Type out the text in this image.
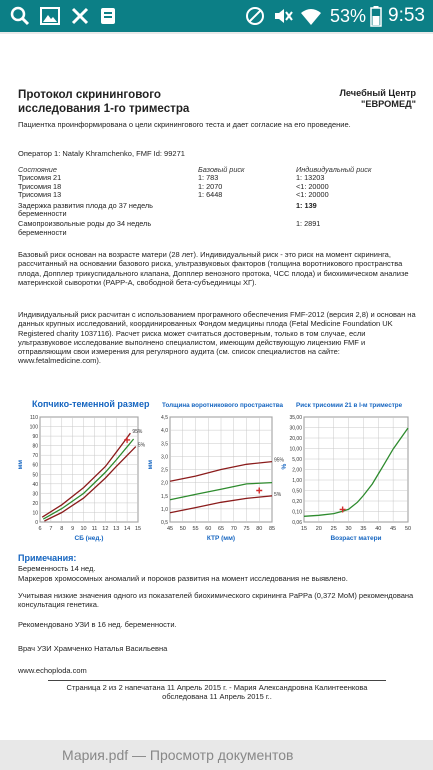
53% 9:53
Протокол скринингового
исследования 1-го триместра
Лечебный Центр
"ЕВРОМЕД"
Пациентка проинформирована о цели скринингового теста и дает согласие на его проведение.
Оператор 1: Nataly Khramchenko, FMF Id: 99271
Состояние	Базовый риск	Индивидуальный риск
Трисомия 21	1: 783	1: 13203
Трисомия 18	1: 2070	<1: 20000
Трисомия 13	1: 6448	<1: 20000
Задержка развития плода до 37 недель беременности		1: 139
Самопроизвольные роды до 34 недель беременности		1: 2891
Базовый риск основан на возрасте матери (28 лет). Индивидуальный риск - это риск на момент скрининга, рассчитанный на основании базового риска, ультразвуковых факторов (толщина воротникового пространства плода, Допплер трикуспидального клапана, Допплер венозного протока, ЧСС плода) и биохимическом анализе материнской сыворотки (PAPP-A, свободной бета-субъединицы ХГ).
Индивидуальный риск расчитан с использованием програмного обеспечения FMF-2012 (версия 2,8) и основан на данных крупных исследований, координированных Фондом медицины плода (Fetal Medicine Foundation UK Registered charity 1037116). Расчет риска может считаться достоверным, только в том случае, если ультразвуковое исследование выполнено специалистом, имеющим действующую лицензию FMF и отправляющим свои измерения для регулярного аудита (см. список специалистов на сайте: www.fetalmedicine.com).
Копчико-теменной размер
6 7 8 9 10 11 12 13 14 15
0
10
20
30
40
50
60
70
80
90
100
110
СБ (нед.)
мм
95%
5%
Толщина воротникового пространства
45 50 55 60 65 70 75 80 85
0,5
1,0
1,5
2,0
2,5
3,0
3,5
4,0
4,5
КТР (мм)
мм	95%
5%
Риск трисомии 21 в I-м триместре
15 20 25 30 35 40 45 50
0,06
0,10
0,20
0,50
1,00
2,00
5,00
10,00
20,00
30,00
35,00
Возраст матери
%
Примечания:
Беременность 14 нед.
Маркеров хромосомных аномалий и пороков развития на момент исследования не выявлено.
Учитывая низкие значения одного из показателей биохимического скрининга PaPPa (0,372 МоМ) рекомендована консультация генетика.
Рекомендовано УЗИ в 16 нед. беременности.
Врач УЗИ Храмченко Наталья Васильевна
www.echoploda.com
Страница 2 из 2 напечатана 11 Апрель 2015 г. - Мария Александровна Калинтеенкова
обследована 11 Апрель 2015 г..
Мария.pdf — Просмотр документов
